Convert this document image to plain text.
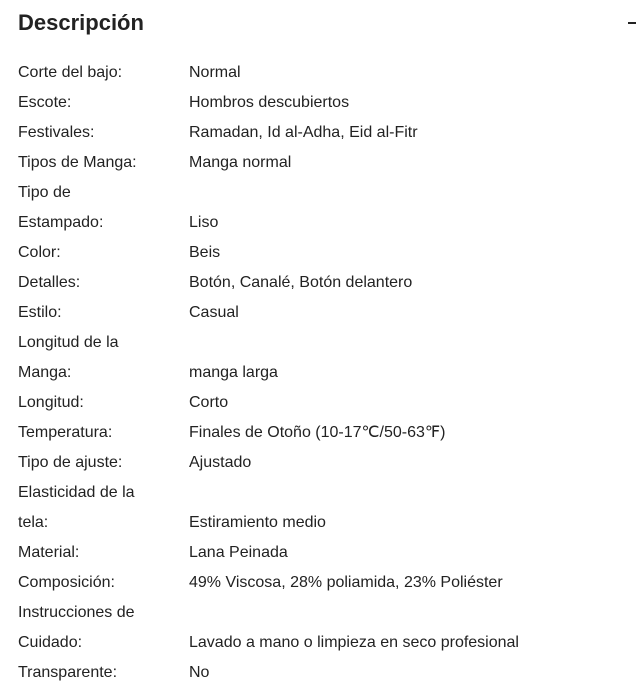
Descripción
Corte del bajo:	Normal

Escote:	Hombros descubiertos

Festivales:	Ramadan, Id al-Adha, Eid al-Fitr

Tipos de Manga:	Manga normal

Tipo de Estampado:	Liso

Color:	Beis

Detalles:	Botón, Canalé, Botón delantero

Estilo:	Casual

Longitud de la Manga:	manga larga

Longitud:	Corto

Temperatura:	Finales de Otoño (10-17℃/50-63℉)

Tipo de ajuste:	Ajustado

Elasticidad de la tela:	Estiramiento medio

Material:	Lana Peinada

Composición:	49% Viscosa, 28% poliamida, 23% Poliéster

Instrucciones de Cuidado:	Lavado a mano o limpieza en seco profesional

Transparente:	No
